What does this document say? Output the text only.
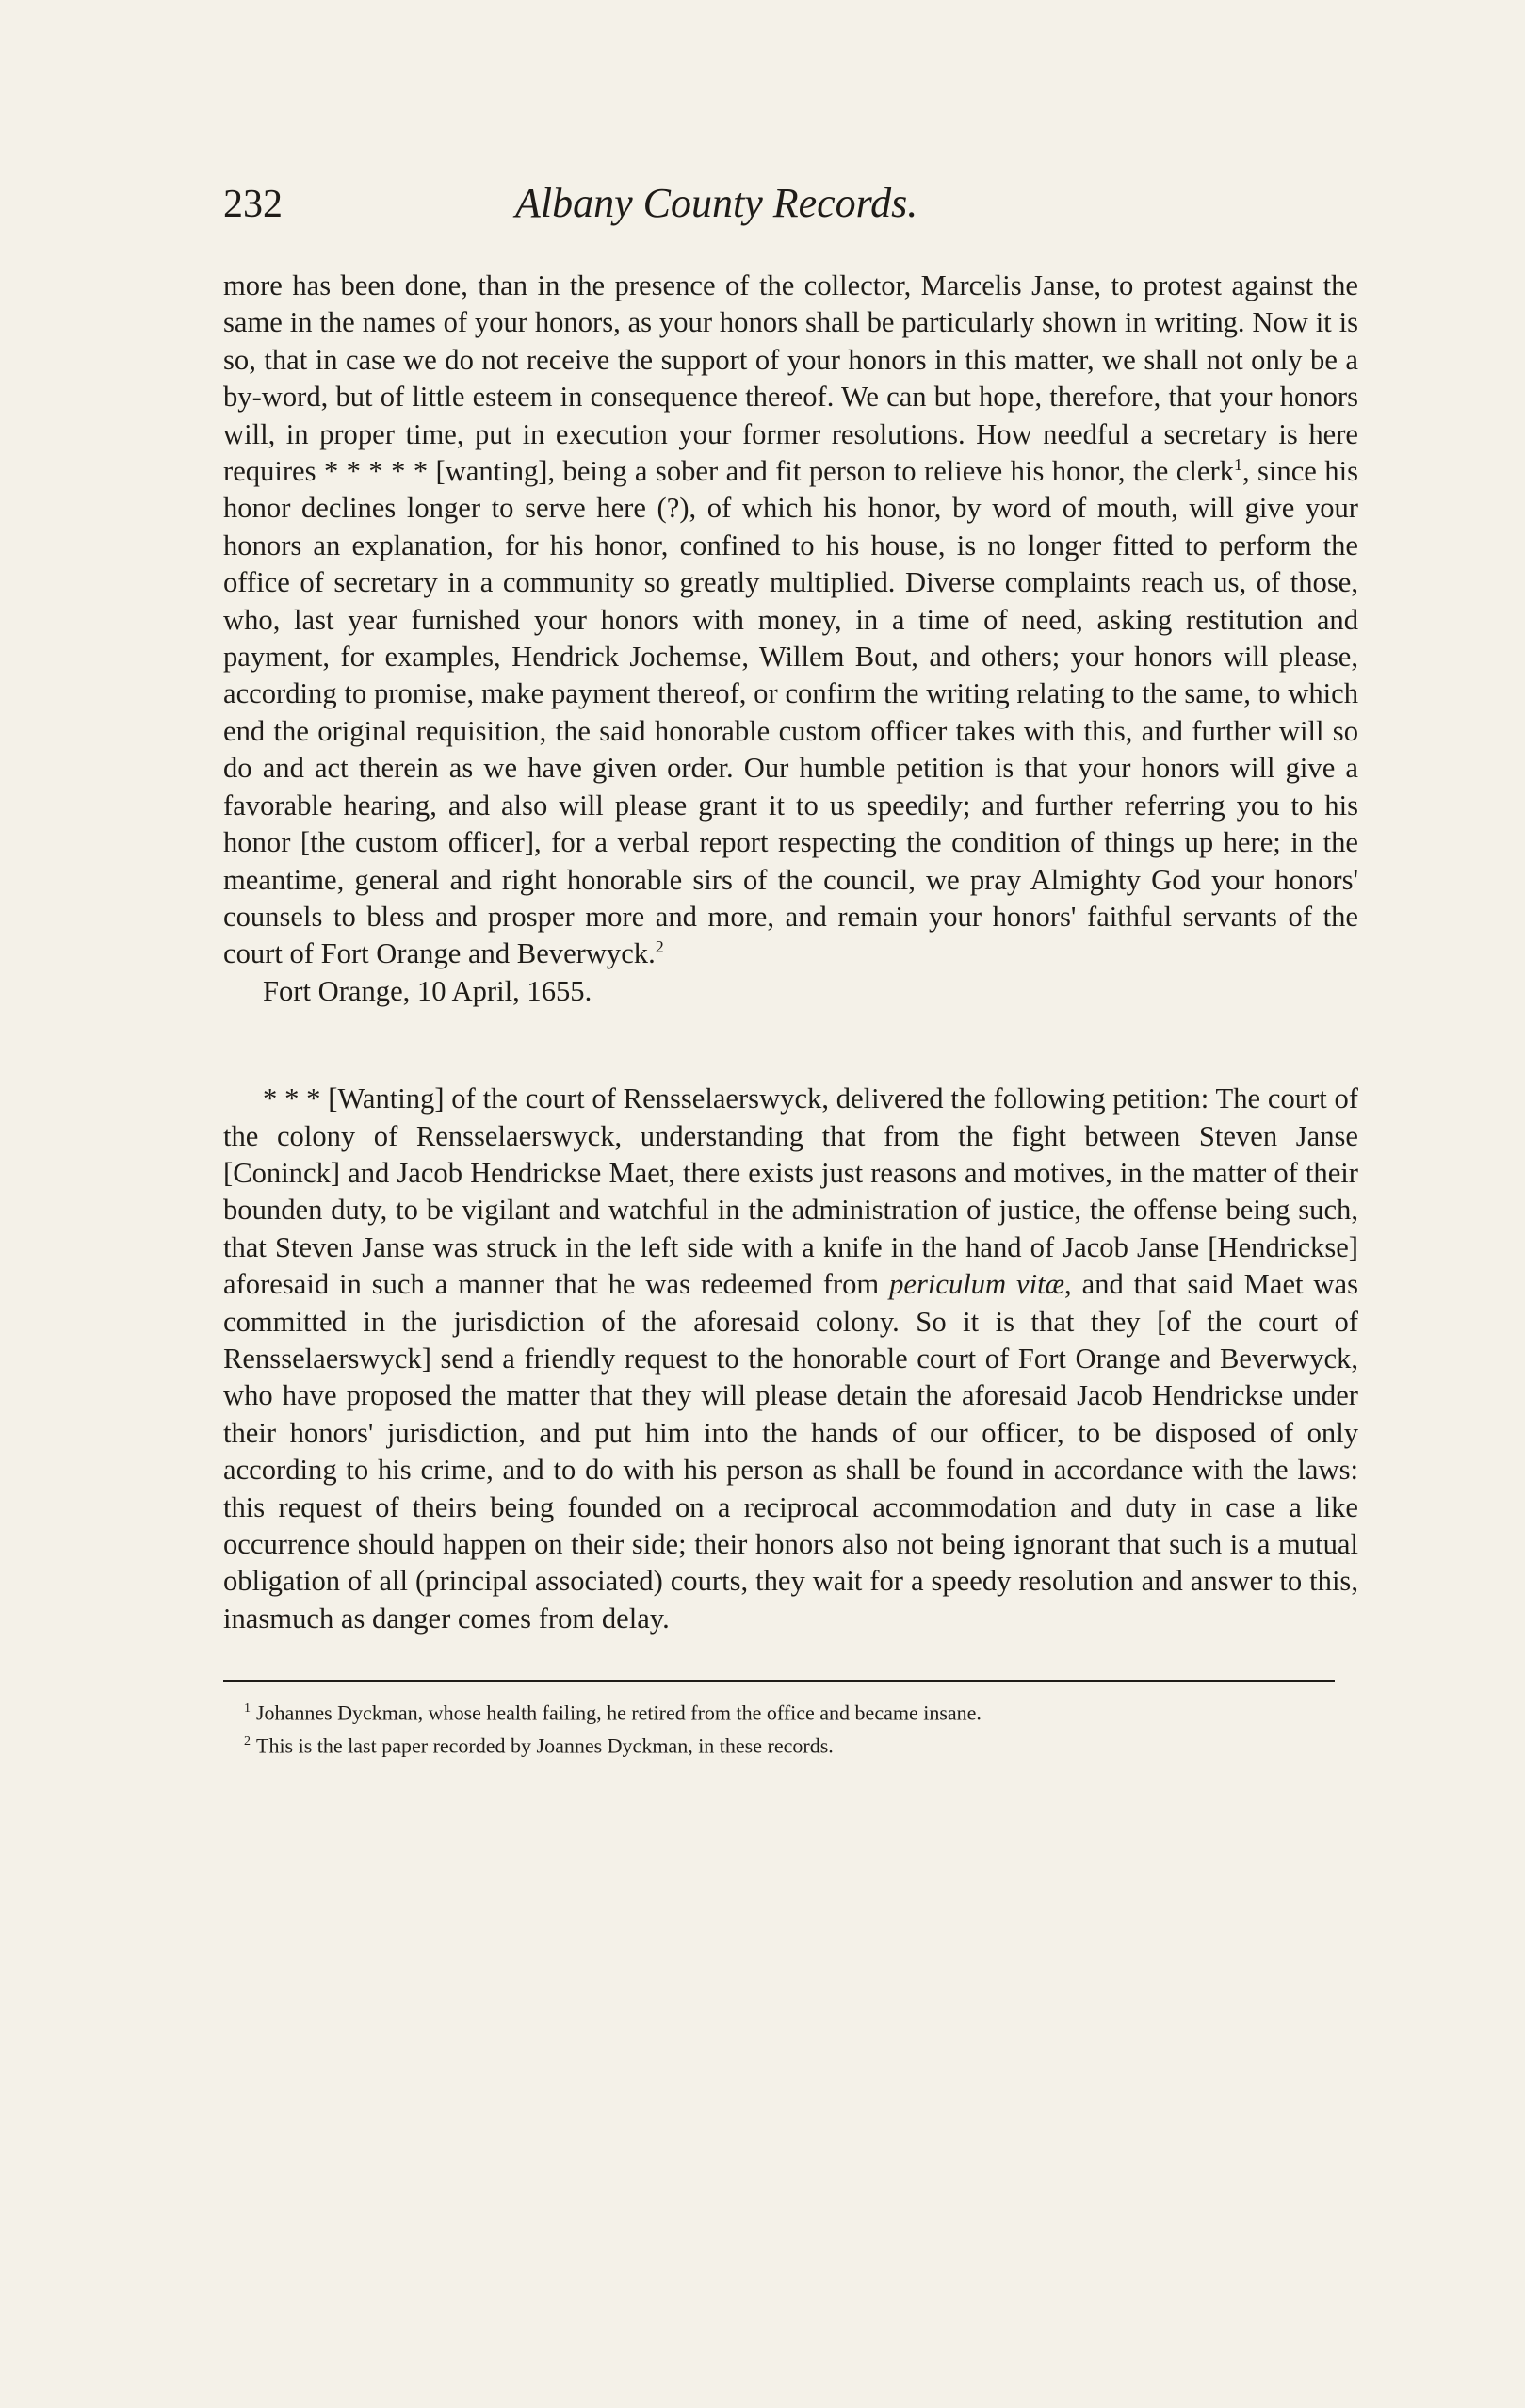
232	Albany County Records.

more has been done, than in the presence of the collector, Marcelis Janse, to protest against the same in the names of your honors, as your honors shall be particularly shown in writing. Now it is so, that in case we do not receive the support of your honors in this matter, we shall not only be a by-word, but of little esteem in consequence thereof. We can but hope, therefore, that your honors will, in proper time, put in execution your former resolutions. How needful a secretary is here requires * * * * * [wanting], being a sober and fit person to relieve his honor, the clerk$^1$, since his honor declines longer to serve here (?), of which his honor, by word of mouth, will give your honors an explanation, for his honor, confined to his house, is no longer fitted to perform the office of secretary in a community so greatly multiplied. Diverse complaints reach us, of those, who, last year furnished your honors with money, in a time of need, asking restitution and payment, for examples, Hendrick Jochemse, Willem Bout, and others; your honors will please, according to promise, make payment thereof, or confirm the writing relating to the same, to which end the original requisition, the said honorable custom officer takes with this, and further will so do and act therein as we have given order. Our humble petition is that your honors will give a favorable hearing, and also will please grant it to us speedily; and further referring you to his honor [the custom officer], for a verbal report respecting the condition of things up here; in the meantime, general and right honorable sirs of the council, we pray Almighty God your honors' counsels to bless and prosper more and more, and remain your honors' faithful servants of the court of Fort Orange and Beverwyck.$^2$

Fort Orange, 10 April, 1655.

* * * [Wanting] of the court of Rensselaerswyck, delivered the following petition: The court of the colony of Rensselaerswyck, understanding that from the fight between Steven Janse [Coninck] and Jacob Hendrickse Maet, there exists just reasons and motives, in the matter of their bounden duty, to be vigilant and watchful in the administration of justice, the offense being such, that Steven Janse was struck in the left side with a knife in the hand of Jacob Janse [Hendrickse] aforesaid in such a manner that he was redeemed from periculum vitæ, and that said Maet was committed in the jurisdiction of the aforesaid colony. So it is that they [of the court of Rensselaerswyck] send a friendly request to the honorable court of Fort Orange and Beverwyck, who have proposed the matter that they will please detain the aforesaid Jacob Hendrickse under their honors' jurisdiction, and put him into the hands of our officer, to be disposed of only according to his crime, and to do with his person as shall be found in accordance with the laws: this request of theirs being founded on a reciprocal accommodation and duty in case a like occurrence should happen on their side; their honors also not being ignorant that such is a mutual obligation of all (principal associated) courts, they wait for a speedy resolution and answer to this, inasmuch as danger comes from delay.

$^1$ Johannes Dyckman, whose health failing, he retired from the office and became insane.
$^2$ This is the last paper recorded by Joannes Dyckman, in these records.
